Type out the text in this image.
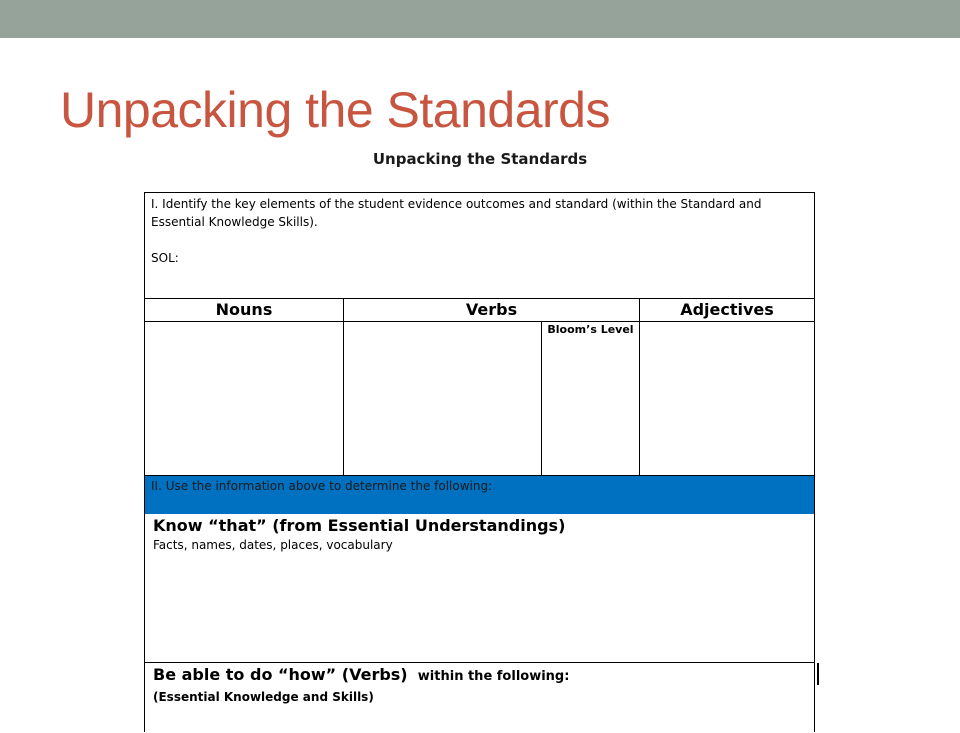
Unpacking the Standards
Unpacking the Standards

I. Identify the key elements of the student evidence outcomes and standard (within the Standard and Essential Knowledge Skills).

SOL:

Nouns	Verbs	Adjectives
Bloom’s Level
II. Use the information above to determine the following:
Know “that” (from Essential Understandings)
Facts, names, dates, places, vocabulary
Be able to do “how” (Verbs) within the following:
(Essential Knowledge and Skills)
